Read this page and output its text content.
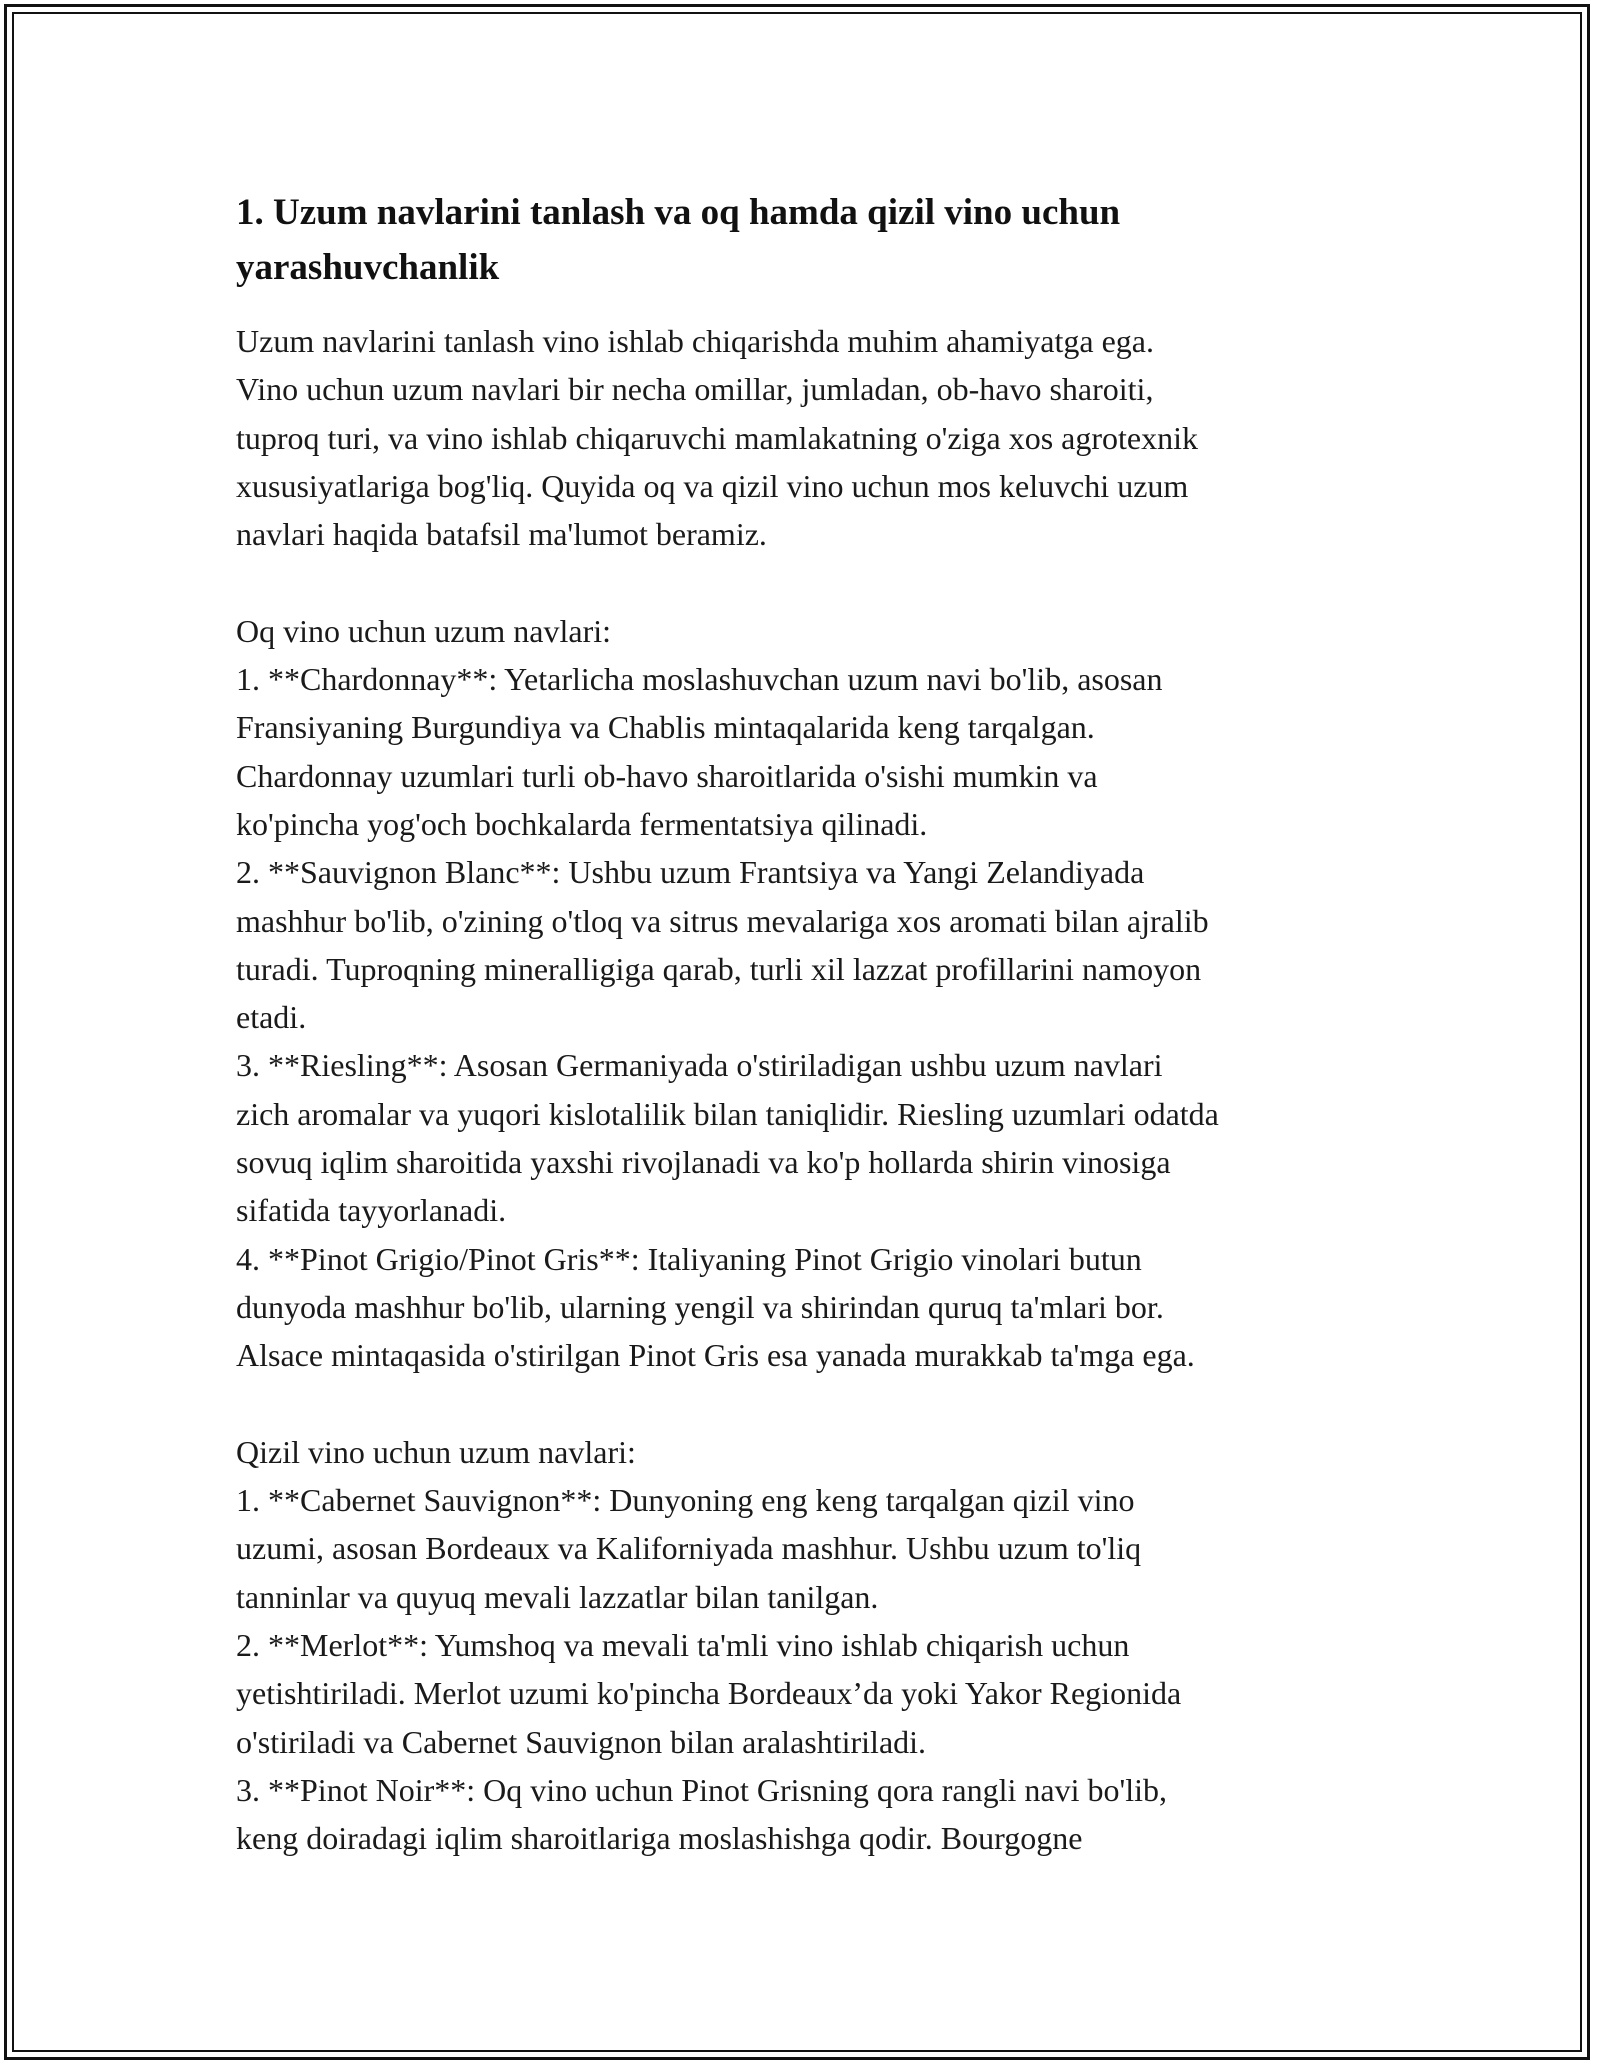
1. Uzum navlarini tanlash va oq hamda qizil vino uchun yarashuvchanlik

Uzum navlarini tanlash vino ishlab chiqarishda muhim ahamiyatga ega.

Vino uchun uzum navlari bir necha omillar, jumladan, ob-havo sharoiti,

tuproq turi, va vino ishlab chiqaruvchi mamlakatning o'ziga xos agrotexnik

xususiyatlariga bog'liq. Quyida oq va qizil vino uchun mos keluvchi uzum

navlari haqida batafsil ma'lumot beramiz.

Oq vino uchun uzum navlari:

1. **Chardonnay**: Yetarlicha moslashuvchan uzum navi bo'lib, asosan

Fransiyaning Burgundiya va Chablis mintaqalarida keng tarqalgan.

Chardonnay uzumlari turli ob-havo sharoitlarida o'sishi mumkin va

ko'pincha yog'och bochkalarda fermentatsiya qilinadi.

2. **Sauvignon Blanc**: Ushbu uzum Frantsiya va Yangi Zelandiyada

mashhur bo'lib, o'zining o'tloq va sitrus mevalariga xos aromati bilan ajralib

turadi. Tuproqning mineralligiga qarab, turli xil lazzat profillarini namoyon

etadi.

3. **Riesling**: Asosan Germaniyada o'stiriladigan ushbu uzum navlari

zich aromalar va yuqori kislotalilik bilan taniqlidir. Riesling uzumlari odatda

sovuq iqlim sharoitida yaxshi rivojlanadi va ko'p hollarda shirin vinosiga

sifatida tayyorlanadi.

4. **Pinot Grigio/Pinot Gris**: Italiyaning Pinot Grigio vinolari butun

dunyoda mashhur bo'lib, ularning yengil va shirindan quruq ta'mlari bor.

Alsace mintaqasida o'stirilgan Pinot Gris esa yanada murakkab ta'mga ega.

Qizil vino uchun uzum navlari:

1. **Cabernet Sauvignon**: Dunyoning eng keng tarqalgan qizil vino

uzumi, asosan Bordeaux va Kaliforniyada mashhur. Ushbu uzum to'liq

tanninlar va quyuq mevali lazzatlar bilan tanilgan.

2. **Merlot**: Yumshoq va mevali ta'mli vino ishlab chiqarish uchun

yetishtiriladi. Merlot uzumi ko'pincha Bordeaux’da yoki Yakor Regionida

o'stiriladi va Cabernet Sauvignon bilan aralashtiriladi.

3. **Pinot Noir**: Oq vino uchun Pinot Grisning qora rangli navi bo'lib,

keng doiradagi iqlim sharoitlariga moslashishga qodir. Bourgogne
